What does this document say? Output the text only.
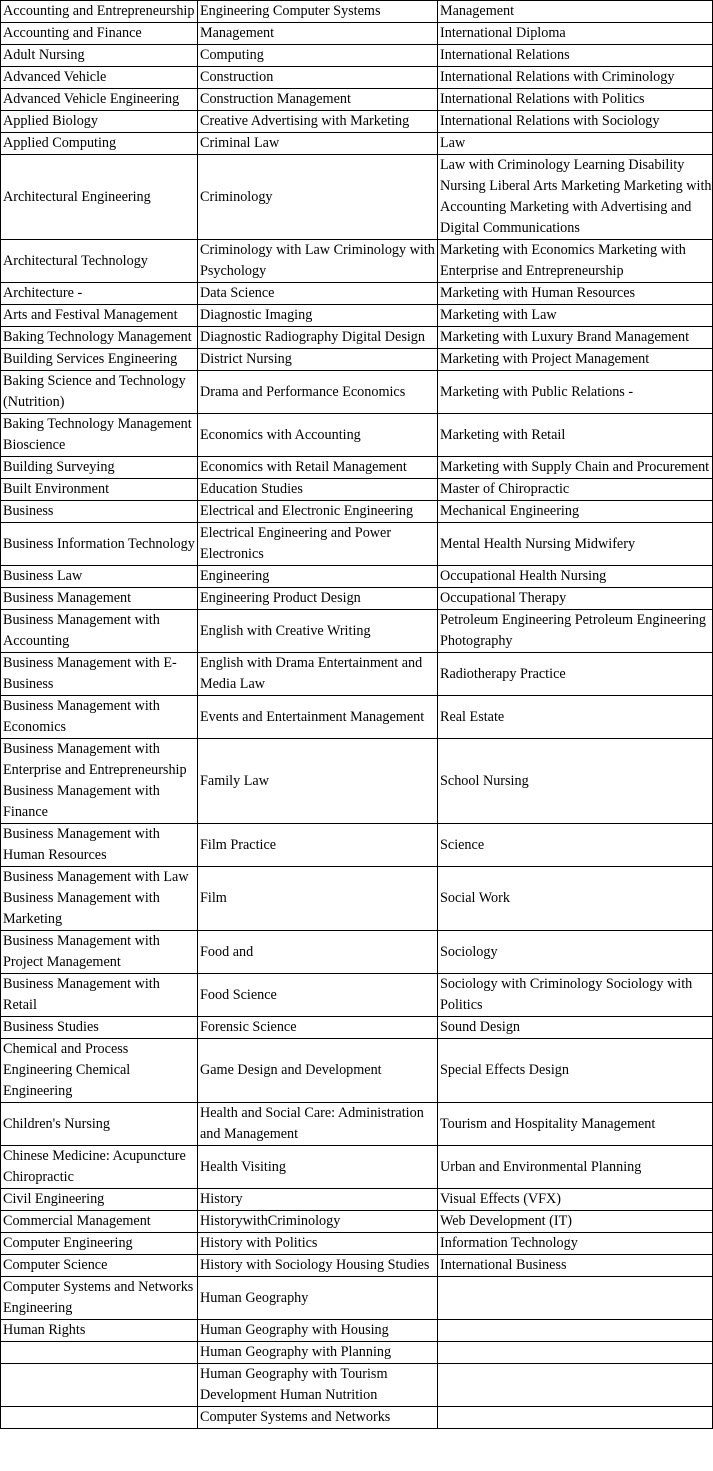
Accounting and Entrepreneurship	Engineering Computer Systems	Management
Accounting and Finance	Management	International Diploma
Adult Nursing	Computing	International Relations
Advanced Vehicle	Construction	International Relations with Criminology
Advanced Vehicle Engineering	Construction Management	International Relations with Politics
Applied Biology	Creative Advertising with Marketing	International Relations with Sociology
Applied Computing	Criminal Law	Law
Architectural Engineering	Criminology	Law with Criminology Learning Disability Nursing Liberal Arts Marketing Marketing with Accounting Marketing with Advertising and Digital Communications
Architectural Technology	Criminology with Law Criminology with Psychology	Marketing with Economics Marketing with Enterprise and Entrepreneurship
Architecture -	Data Science	Marketing with Human Resources
Arts and Festival Management	Diagnostic Imaging	Marketing with Law
Baking Technology Management	Diagnostic Radiography Digital Design	Marketing with Luxury Brand Management
Building Services Engineering	District Nursing	Marketing with Project Management
Baking Science and Technology (Nutrition)	Drama and Performance Economics	Marketing with Public Relations -
Baking Technology Management Bioscience	Economics with Accounting	Marketing with Retail
Building Surveying	Economics with Retail Management	Marketing with Supply Chain and Procurement
Built Environment	Education Studies	Master of Chiropractic
Business	Electrical and Electronic Engineering	Mechanical Engineering
Business Information Technology	Electrical Engineering and Power Electronics	Mental Health Nursing Midwifery
Business Law	Engineering	Occupational Health Nursing
Business Management	Engineering Product Design	Occupational Therapy
Business Management with Accounting	English with Creative Writing	Petroleum Engineering Petroleum Engineering Photography
Business Management with E-Business	English with Drama Entertainment and Media Law	Radiotherapy Practice
Business Management with Economics	Events and Entertainment Management	Real Estate
Business Management with Enterprise and Entrepreneurship Business Management with Finance	Family Law	School Nursing
Business Management with Human Resources	Film Practice	Science
Business Management with Law Business Management with Marketing	Film	Social Work
Business Management with Project Management	Food and	Sociology
Business Management with Retail	Food Science	Sociology with Criminology Sociology with Politics
Business Studies	Forensic Science	Sound Design
Chemical and Process Engineering Chemical Engineering	Game Design and Development	Special Effects Design
Children's Nursing	Health and Social Care: Administration and Management	Tourism and Hospitality Management
Chinese Medicine: Acupuncture Chiropractic	Health Visiting	Urban and Environmental Planning
Civil Engineering	History	Visual Effects (VFX)
Commercial Management	HistorywithCriminology	Web Development (IT)
Computer Engineering	History with Politics	Information Technology
Computer Science	History with Sociology Housing Studies	International Business
Computer Systems and Networks Engineering	Human Geography	
Human Rights	Human Geography with Housing	
	Human Geography with Planning	
	Human Geography with Tourism Development Human Nutrition	
	Computer Systems and Networks	
